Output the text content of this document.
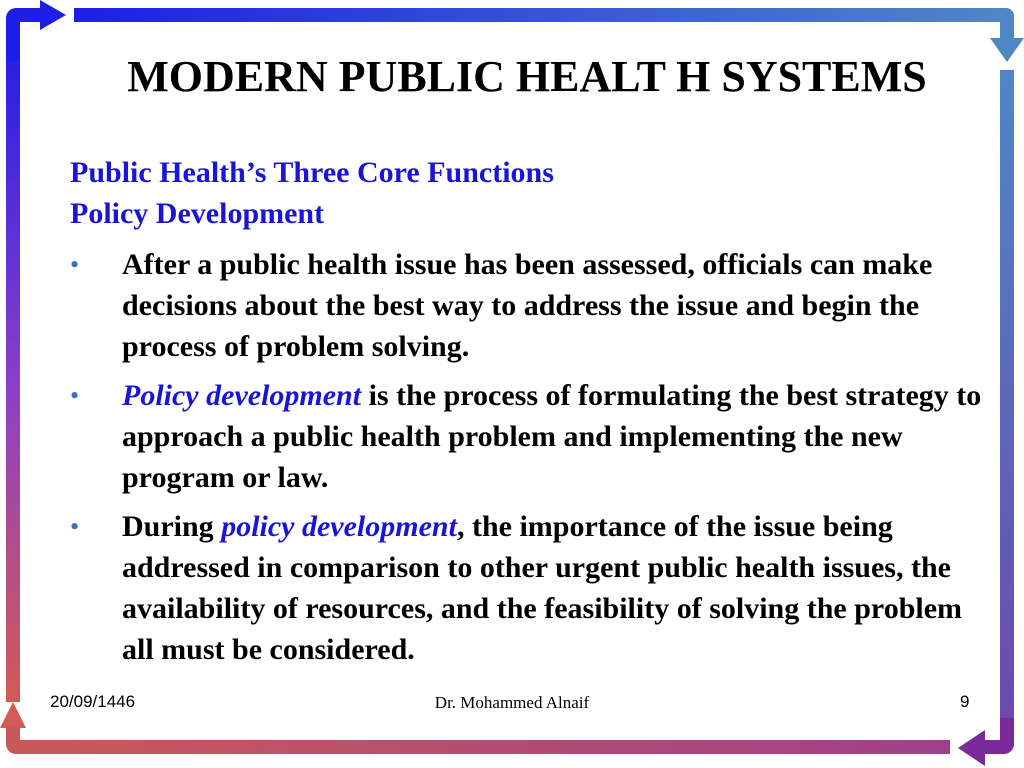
MODERN PUBLIC HEALT H SYSTEMS

Public Health’s Three Core Functions

Policy Development

• After a public health issue has been assessed, officials can make decisions about the best way to address the issue and begin the process of problem solving.
• Policy development is the process of formulating the best strategy to approach a public health problem and implementing the new program or law.
• During policy development, the importance of the issue being addressed in comparison to other urgent public health issues, the availability of resources, and the feasibility of solving the problem all must be considered.
20/09/1446	Dr. Mohammed Alnaif	9
